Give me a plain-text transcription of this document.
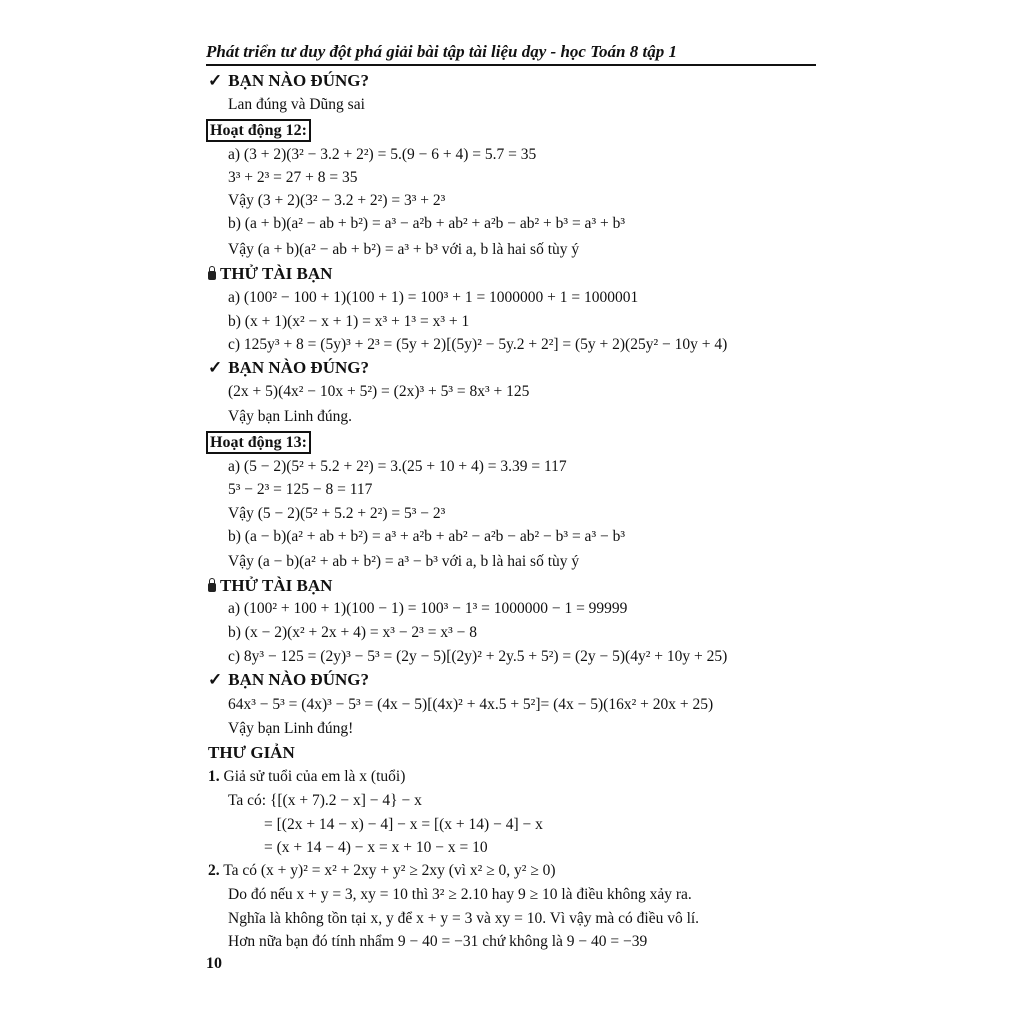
Phát triển tư duy đột phá giải bài tập tài liệu dạy - học Toán 8 tập 1
✓ BẠN NÀO ĐÚNG?
Lan đúng và Dũng sai
Hoạt động 12:
a) (3 + 2)(3² − 3.2 + 2²) = 5.(9 − 6 + 4) = 5.7 = 35
3³ + 2³ = 27 + 8 = 35
Vậy (3 + 2)(3² − 3.2 + 2²) = 3³ + 2³
b) (a + b)(a² − ab + b²) = a³ − a²b + ab² + a²b − ab² + b³ = a³ + b³
Vậy (a + b)(a² − ab + b²) = a³ + b³ với a, b là hai số tùy ý
THỬ TÀI BẠN
a) (100² − 100 + 1)(100 + 1) = 100³ + 1 = 1000000 + 1 = 1000001
b) (x + 1)(x² − x + 1) = x³ + 1³ = x³ + 1
c) 125y³ + 8 = (5y)³ + 2³ = (5y + 2)[(5y)² − 5y.2 + 2²] = (5y + 2)(25y² − 10y + 4)
✓ BẠN NÀO ĐÚNG?
(2x + 5)(4x² − 10x + 5²) = (2x)³ + 5³ = 8x³ + 125
Vậy bạn Linh đúng.
Hoạt động 13:
a) (5 − 2)(5² + 5.2 + 2²) = 3.(25 + 10 + 4) = 3.39 = 117
5³ − 2³ = 125 − 8 = 117
Vậy (5 − 2)(5² + 5.2 + 2²) = 5³ − 2³
b) (a − b)(a² + ab + b²) = a³ + a²b + ab² − a²b − ab² − b³ = a³ − b³
Vậy (a − b)(a² + ab + b²) = a³ − b³ với a, b là hai số tùy ý
THỬ TÀI BẠN
a) (100² + 100 + 1)(100 − 1) = 100³ − 1³ = 1000000 − 1 = 99999
b) (x − 2)(x² + 2x + 4) = x³ − 2³ = x³ − 8
c) 8y³ − 125 = (2y)³ − 5³ = (2y − 5)[(2y)² + 2y.5 + 5²) = (2y − 5)(4y² + 10y + 25)
✓ BẠN NÀO ĐÚNG?
64x³ − 5³ = (4x)³ − 5³ = (4x − 5)[(4x)² + 4x.5 + 5²]= (4x − 5)(16x² + 20x + 25)
Vậy bạn Linh đúng!
THƯ GIẢN
1. Giả sử tuổi của em là x (tuổi)
Ta có: {[(x + 7).2 − x] − 4} − x
= [(2x + 14 − x) − 4] − x = [(x + 14) − 4] − x
= (x + 14 − 4) − x = x + 10 − x = 10
2. Ta có (x + y)² = x² + 2xy + y² ≥ 2xy (vì x² ≥ 0, y² ≥ 0)
Do đó nếu x + y = 3, xy = 10 thì 3² ≥ 2.10 hay 9 ≥ 10 là điều không xảy ra.
Nghĩa là không tồn tại x, y để x + y = 3 và xy = 10. Vì vậy mà có điều vô lí.
Hơn nữa bạn đó tính nhẩm 9 − 40 = −31 chứ không là 9 − 40 = −39
10
